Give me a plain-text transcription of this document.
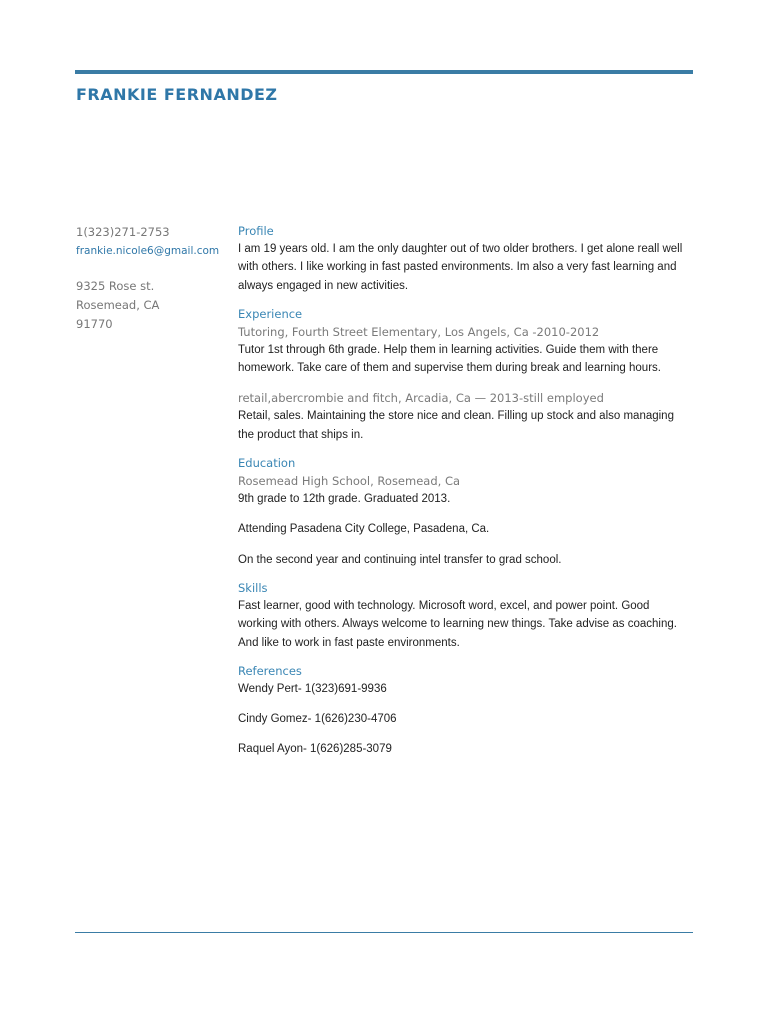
FRANKIE FERNANDEZ
1(323)271-2753
frankie.nicole6@gmail.com
9325 Rose st.
Rosemead, CA
91770
Profile
I am 19 years old. I am the only daughter out of two older brothers. I get alone reall well with others. I like working in fast pasted environments. Im also a very fast learning and always engaged in new activities.
Experience
Tutoring, Fourth Street Elementary, Los Angels, Ca -2010-2012
Tutor 1st through 6th grade. Help them in learning activities. Guide them with there homework. Take care of them and supervise them during break and learning hours.
retail,abercrombie and fitch, Arcadia, Ca — 2013-still employed
Retail, sales. Maintaining the store nice and clean. Filling up stock and also managing the product that ships in.
Education
Rosemead High School, Rosemead, Ca
9th grade to 12th grade. Graduated 2013.
Attending Pasadena City College, Pasadena, Ca.
On the second year and continuing intel transfer to grad school.
Skills
Fast learner, good with technology. Microsoft word, excel, and power point. Good working with others. Always welcome to learning new things. Take advise as coaching. And like to work in fast paste environments.
References
Wendy Pert- 1(323)691-9936
Cindy Gomez- 1(626)230-4706
Raquel Ayon- 1(626)285-3079
